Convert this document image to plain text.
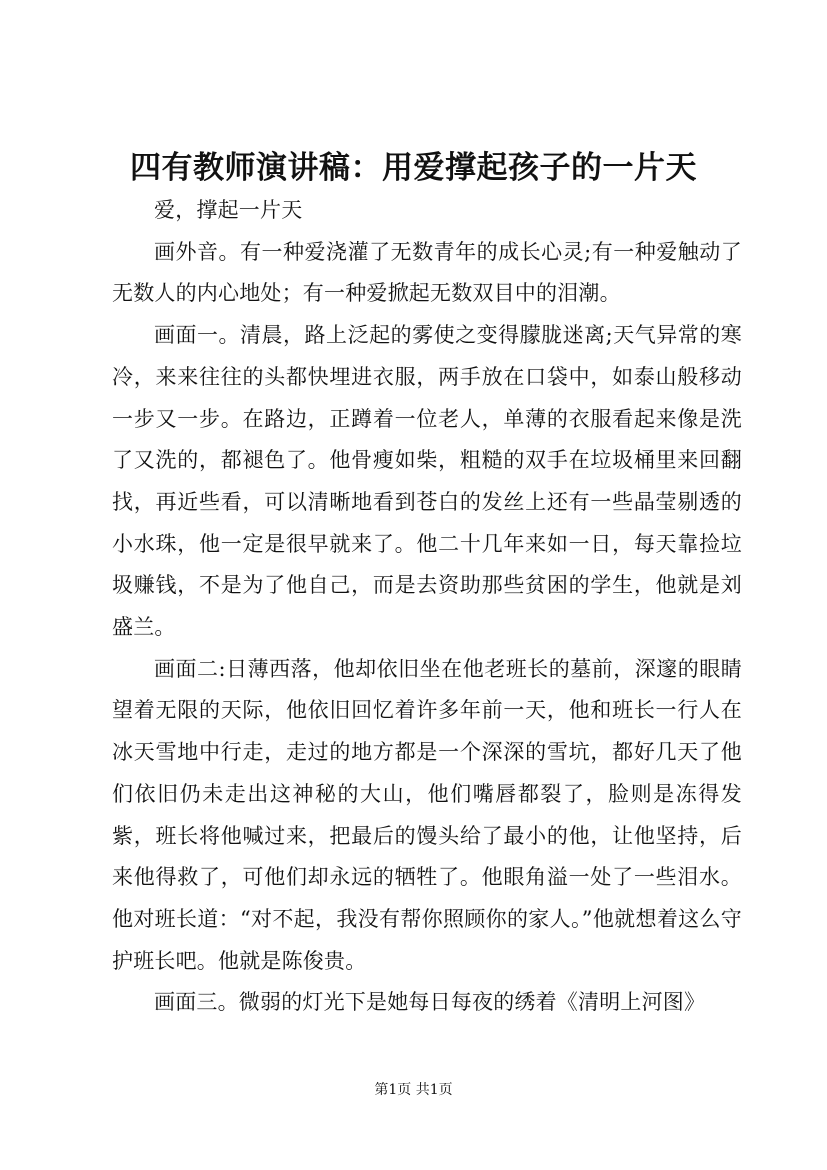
四有教师演讲稿：用爱撑起孩子的一片天

爱，撑起一片天

画外音。有一种爱浇灌了无数青年的成长心灵;有一种爱触动了无数人的内心地处；有一种爱掀起无数双目中的泪潮。

画面一。清晨，路上泛起的雾使之变得朦胧迷离;天气异常的寒冷，来来往往的头都快埋进衣服，两手放在口袋中，如泰山般移动一步又一步。在路边，正蹲着一位老人，单薄的衣服看起来像是洗了又洗的，都褪色了。他骨瘦如柴，粗糙的双手在垃圾桶里来回翻找，再近些看，可以清晰地看到苍白的发丝上还有一些晶莹剔透的小水珠，他一定是很早就来了。他二十几年来如一日，每天靠捡垃圾赚钱，不是为了他自己，而是去资助那些贫困的学生，他就是刘盛兰。

画面二:日薄西落，他却依旧坐在他老班长的墓前，深邃的眼睛望着无限的天际，他依旧回忆着许多年前一天，他和班长一行人在冰天雪地中行走，走过的地方都是一个深深的雪坑，都好几天了他们依旧仍未走出这神秘的大山，他们嘴唇都裂了，脸则是冻得发紫，班长将他喊过来，把最后的馒头给了最小的他，让他坚持，后来他得救了，可他们却永远的牺牲了。他眼角溢一处了一些泪水。他对班长道：“对不起，我没有帮你照顾你的家人。”他就想着这么守护班长吧。他就是陈俊贵。

画面三。微弱的灯光下是她每日每夜的绣着《清明上河图》

第1页 共1页
